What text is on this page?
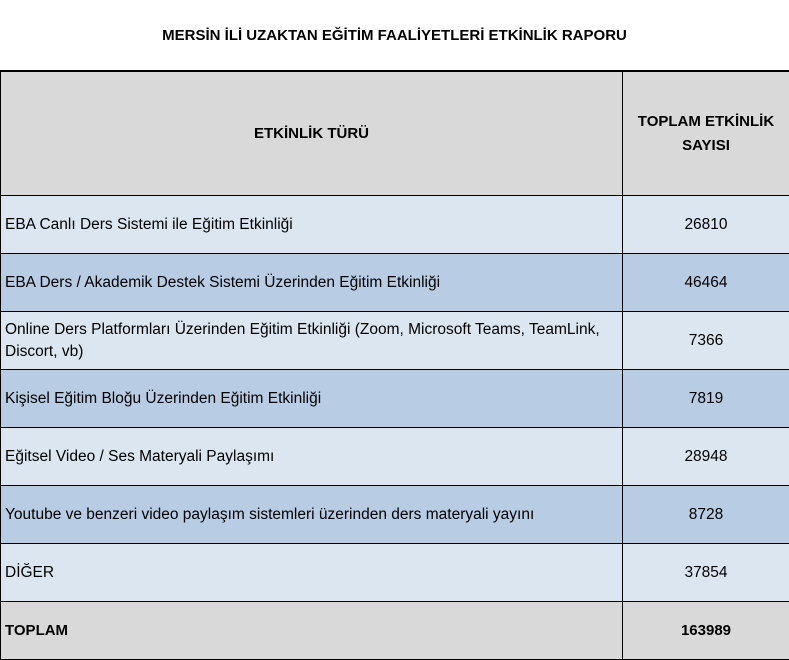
MERSİN İLİ UZAKTAN EĞİTİM FAALİYETLERİ ETKİNLİK RAPORU
ETKİNLİK TÜRÜ	TOPLAM ETKİNLİK
SAYISI
EBA Canlı Ders Sistemi ile Eğitim Etkinliği	26810
EBA Ders / Akademik Destek Sistemi Üzerinden Eğitim Etkinliği	46464
Online Ders Platformları Üzerinden Eğitim Etkinliği (Zoom, Microsoft Teams, TeamLink, Discort, vb)	7366
Kişisel Eğitim Bloğu Üzerinden Eğitim Etkinliği	7819
Eğitsel Video / Ses Materyali Paylaşımı	28948
Youtube ve benzeri video paylaşım sistemleri üzerinden ders materyali yayını	8728
DİĞER	37854
TOPLAM	163989
